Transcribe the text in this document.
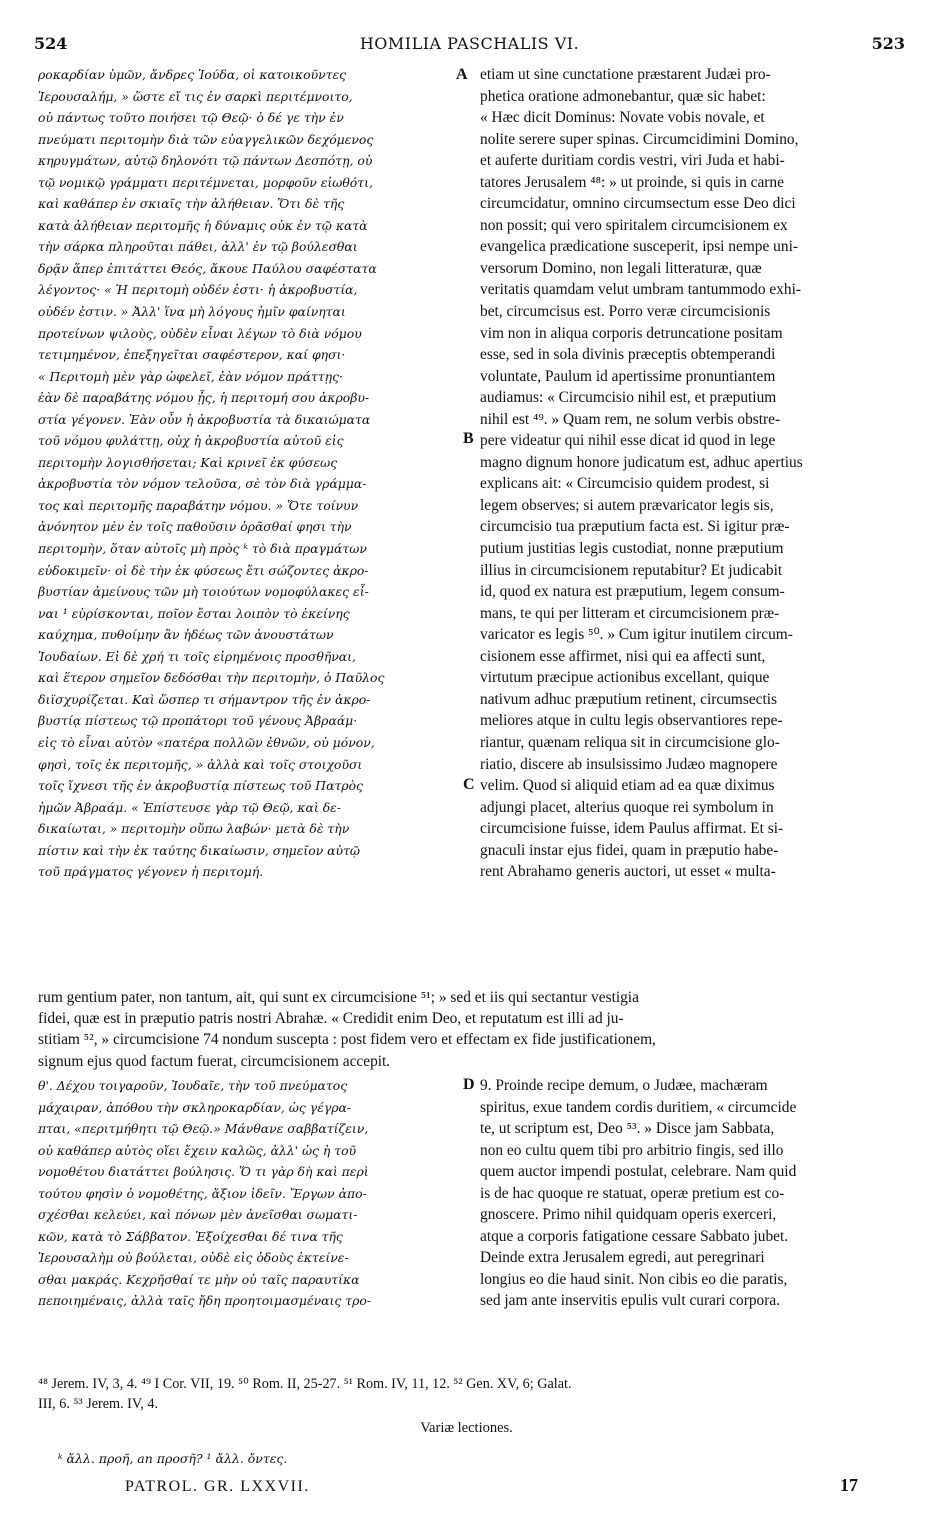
524	HOMILIA PASCHALIS VI.	523
A
B
C
D
ροκαρδίαν ὑμῶν, ἄνδρες Ἰούδα, οἱ κατοικοῦντες
Ἱερουσαλήμ, » ὥστε εἴ τις ἐν σαρκὶ περιτέμνοιτο,
οὐ πάντως τοῦτο ποιήσει τῷ Θεῷ· ὁ δέ γε τὴν ἐν
πνεύματι περιτομὴν διὰ τῶν εὐαγγελικῶν δεχόμενος
κηρυγμάτων, αὐτῷ δηλονότι τῷ πάντων Δεσπότῃ, οὐ
τῷ νομικῷ γράμματι περιτέμνεται, μορφοῦν εἰωθότι,
καὶ καθάπερ ἐν σκιαῖς τὴν ἀλήθειαν. Ὅτι δὲ τῆς
κατὰ ἀλήθειαν περιτομῆς ἡ δύναμις οὐκ ἐν τῷ κατὰ
τὴν σάρκα πληροῦται πάθει, ἀλλ' ἐν τῷ βούλεσθαι
δρᾷν ἅπερ ἐπιτάττει Θεός, ἄκουε Παύλου σαφέστατα
λέγοντος· « Ἡ περιτομὴ οὐδέν ἐστι· ἡ ἀκροβυστία,
οὐδέν ἐστιν. » Ἀλλ' ἵνα μὴ λόγους ἡμῖν φαίνηται
προτείνων ψιλοὺς, οὐδὲν εἶναι λέγων τὸ διὰ νόμου
τετιμημένον, ἐπεξηγεῖται σαφέστερον, καί φησι·
« Περιτομὴ μὲν γὰρ ὠφελεῖ, ἐὰν νόμον πράττῃς·
ἐὰν δὲ παραβάτης νόμου ᾖς, ἡ περιτομή σου ἀκροβυ-
στία γέγονεν. Ἐὰν οὖν ἡ ἀκροβυστία τὰ δικαιώματα
τοῦ νόμου φυλάττῃ, οὐχ ἡ ἀκροβυστία αὐτοῦ εἰς
περιτομὴν λογισθήσεται; Καὶ κρινεῖ ἐκ φύσεως
ἀκροβυστία τὸν νόμον τελοῦσα, σὲ τὸν διὰ γράμμα-
τος καὶ περιτομῆς παραβάτην νόμου. » Ὅτε τοίνυν
ἀνόνητον μὲν ἐν τοῖς παθοῦσιν ὁρᾶσθαί φησι τὴν
περιτομὴν, ὅταν αὐτοῖς μὴ πρὸς ᵏ τὸ διὰ πραγμάτων
εὐδοκιμεῖν· οἱ δὲ τὴν ἐκ φύσεως ἔτι σώζοντες ἀκρο-
βυστίαν ἀμείνους τῶν μὴ τοιούτων νομοφύλακες εἶ-
ναι ¹ εὑρίσκονται, ποῖον ἔσται λοιπὸν τὸ ἐκείνης
καύχημα, πυθοίμην ἂν ἡδέως τῶν ἀνουστάτων
Ἰουδαίων. Εἰ δὲ χρή τι τοῖς εἰρημένοις προσθῆναι,
καὶ ἕτερον σημεῖον δεδόσθαι τὴν περιτομὴν, ὁ Παῦλος
διϊσχυρίζεται. Καὶ ὥσπερ τι σήμαντρον τῆς ἐν ἀκρο-
βυστίᾳ πίστεως τῷ προπάτορι τοῦ γένους Ἀβραάμ·
εἰς τὸ εἶναι αὐτὸν «πατέρα πολλῶν ἐθνῶν, οὐ μόνον,
φησὶ, τοῖς ἐκ περιτομῆς, » ἀλλὰ καὶ τοῖς στοιχοῦσι
τοῖς ἴχνεσι τῆς ἐν ἀκροβυστίᾳ πίστεως τοῦ Πατρὸς
ἡμῶν Ἀβραάμ. « Ἐπίστευσε γὰρ τῷ Θεῷ, καὶ δε-
δικαίωται, » περιτομὴν οὔπω λαβών· μετὰ δὲ τὴν
πίστιν καὶ τὴν ἐκ ταύτης δικαίωσιν, σημεῖον αὐτῷ
τοῦ πράγματος γέγονεν ἡ περιτομή.
etiam ut sine cunctatione præstarent Judæi pro-
phetica oratione admonebantur, quæ sic habet:
« Hæc dicit Dominus: Novate vobis novale, et
nolite serere super spinas. Circumcidimini Domino,
et auferte duritiam cordis vestri, viri Juda et habi-
tatores Jerusalem ⁴⁸: » ut proinde, si quis in carne
circumcidatur, omnino circumsectum esse Deo dici
non possit; qui vero spiritalem circumcisionem ex
evangelica prædicatione susceperit, ipsi nempe uni-
versorum Domino, non legali litteraturæ, quæ
veritatis quamdam velut umbram tantummodo exhi-
bet, circumcisus est. Porro veræ circumcisionis
vim non in aliqua corporis detruncatione positam
esse, sed in sola divinis præceptis obtemperandi
voluntate, Paulum id apertissime pronuntiantem
audiamus: « Circumcisio nihil est, et præputium
nihil est ⁴⁹. » Quam rem, ne solum verbis obstre-
pere videatur qui nihil esse dicat id quod in lege
magno dignum honore judicatum est, adhuc apertius
explicans ait: « Circumcisio quidem prodest, si
legem observes; si autem prævaricator legis sis,
circumcisio tua præputium facta est. Si igitur præ-
putium justitias legis custodiat, nonne præputium
illius in circumcisionem reputabitur? Et judicabit
id, quod ex natura est præputium, legem consum-
mans, te qui per litteram et circumcisionem præ-
varicator es legis ⁵⁰. » Cum igitur inutilem circum-
cisionem esse affirmet, nisi qui ea affecti sunt,
virtutum præcipue actionibus excellant, quique
nativum adhuc præputium retinent, circumsectis
meliores atque in cultu legis observantiores repe-
riantur, quænam reliqua sit in circumcisione glo-
riatio, discere ab insulsissimo Judæo magnopere
velim. Quod si aliquid etiam ad ea quæ diximus
adjungi placet, alterius quoque rei symbolum in
circumcisione fuisse, idem Paulus affirmat. Et si-
gnaculi instar ejus fidei, quam in præputio habe-
rent Abrahamo generis auctori, ut esset « multa-
rum gentium pater, non tantum, ait, qui sunt ex circumcisione ⁵¹; » sed et iis qui sectantur vestigia
fidei, quæ est in præputio patris nostri Abrahæ. « Credidit enim Deo, et reputatum est illi ad ju-
stitiam ⁵², » circumcisione 74 nondum suscepta : post fidem vero et effectam ex fide justificationem,
signum ejus quod factum fuerat, circumcisionem accepit.
θ'. Δέχου τοιγαροῦν, Ἰουδαῖε, τὴν τοῦ πνεύματος
μάχαιραν, ἀπόθου τὴν σκληροκαρδίαν, ὡς γέγρα-
πται, «περιτμήθητι τῷ Θεῷ.» Μάνθανε σαββατίζειν,
οὐ καθάπερ αὐτὸς οἴει ἔχειν καλῶς, ἀλλ' ὡς ἡ τοῦ
νομοθέτου διατάττει βούλησις. Ὅ τι γὰρ δὴ καὶ περὶ
τούτου φησὶν ὁ νομοθέτης, ἄξιον ἰδεῖν. Ἔργων ἀπο-
σχέσθαι κελεύει, καὶ πόνων μὲν ἀνεῖσθαι σωματι-
κῶν, κατὰ τὸ Σάββατον. Ἐξοίχεσθαι δέ τινα τῆς
Ἱερουσαλὴμ οὐ βούλεται, οὐδὲ εἰς ὁδοὺς ἐκτείνε-
σθαι μακράς. Κεχρῆσθαί τε μὴν οὐ ταῖς παραυτίκα
πεποιημέναις, ἀλλὰ ταῖς ἤδη προητοιμασμέναις τρο-
9. Proinde recipe demum, o Judæe, machæram
spiritus, exue tandem cordis duritiem, « circumcide
te, ut scriptum est, Deo ⁵³. » Disce jam Sabbata,
non eo cultu quem tibi pro arbitrio fingis, sed illo
quem auctor impendi postulat, celebrare. Nam quid
is de hac quoque re statuat, operæ pretium est co-
gnoscere. Primo nihil quidquam operis exerceri,
atque a corporis fatigatione cessare Sabbato jubet.
Deinde extra Jerusalem egredi, aut peregrinari
longius eo die haud sinit. Non cibis eo die paratis,
sed jam ante inservitis epulis vult curari corpora.
⁴⁸ Jerem. IV, 3, 4. ⁴⁹ I Cor. VII, 19. ⁵⁰ Rom. II, 25-27. ⁵¹ Rom. IV, 11, 12. ⁵² Gen. XV, 6; Galat.
III, 6. ⁵³ Jerem. IV, 4.
Variæ lectiones.
ᵏ ἄλλ. προῆ, an προσῆ? ¹ ἄλλ. ὄντες.
PATROL. GR. LXXVII.	17
